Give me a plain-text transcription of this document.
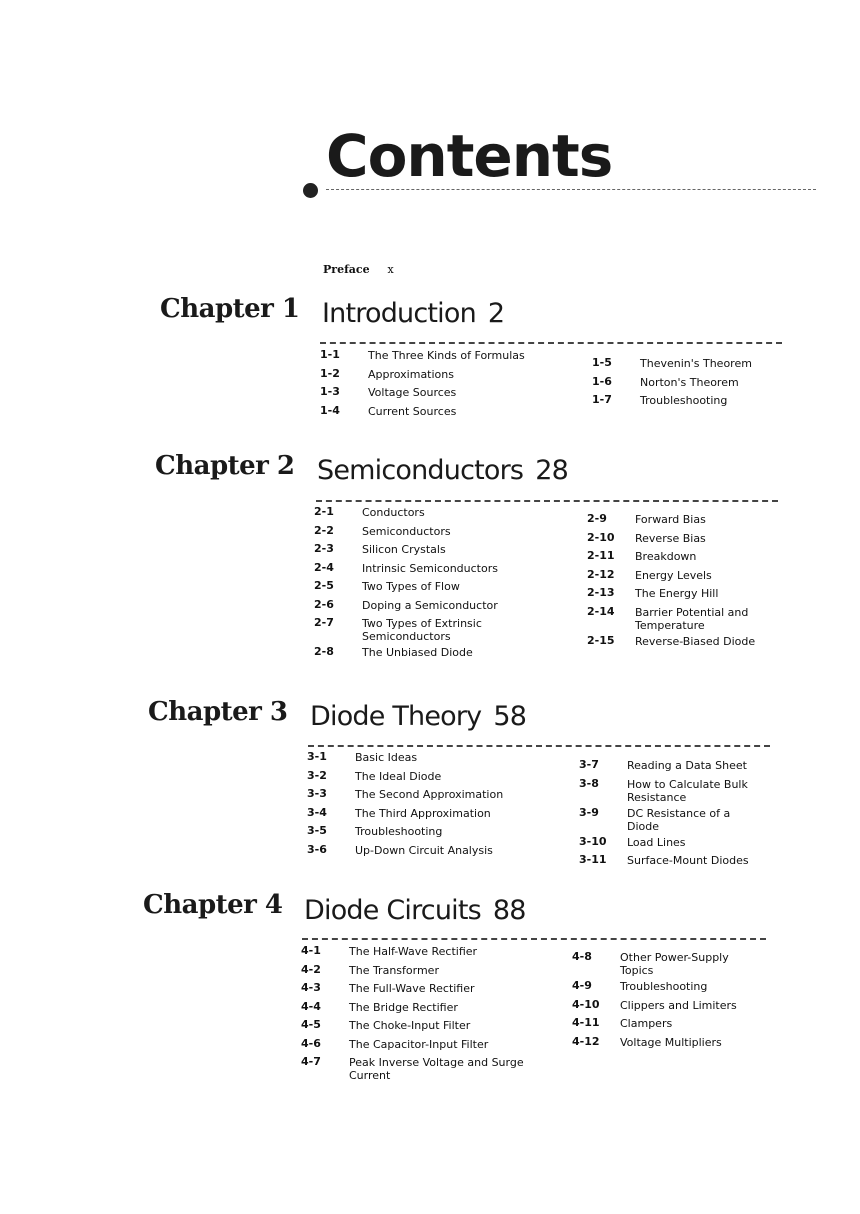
Contents
Preface x
Chapter 1 Introduction 2
1-1	The Three Kinds of Formulas
1-2	Approximations
1-3	Voltage Sources
1-4	Current Sources
1-5	Thevenin's Theorem
1-6	Norton's Theorem
1-7	Troubleshooting
Chapter 2 Semiconductors 28
2-1	Conductors
2-2	Semiconductors
2-3	Silicon Crystals
2-4	Intrinsic Semiconductors
2-5	Two Types of Flow
2-6	Doping a Semiconductor
2-7	Two Types of Extrinsic Semiconductors
2-8	The Unbiased Diode
2-9	Forward Bias
2-10	Reverse Bias
2-11	Breakdown
2-12	Energy Levels
2-13	The Energy Hill
2-14	Barrier Potential and Temperature
2-15	Reverse-Biased Diode
Chapter 3 Diode Theory 58
3-1	Basic Ideas
3-2	The Ideal Diode
3-3	The Second Approximation
3-4	The Third Approximation
3-5	Troubleshooting
3-6	Up-Down Circuit Analysis
3-7	Reading a Data Sheet
3-8	How to Calculate Bulk Resistance
3-9	DC Resistance of a Diode
3-10	Load Lines
3-11	Surface-Mount Diodes
Chapter 4 Diode Circuits 88
4-1	The Half-Wave Rectifier
4-2	The Transformer
4-3	The Full-Wave Rectifier
4-4	The Bridge Rectifier
4-5	The Choke-Input Filter
4-6	The Capacitor-Input Filter
4-7	Peak Inverse Voltage and Surge Current
4-8	Other Power-Supply Topics
4-9	Troubleshooting
4-10	Clippers and Limiters
4-11	Clampers
4-12	Voltage Multipliers
